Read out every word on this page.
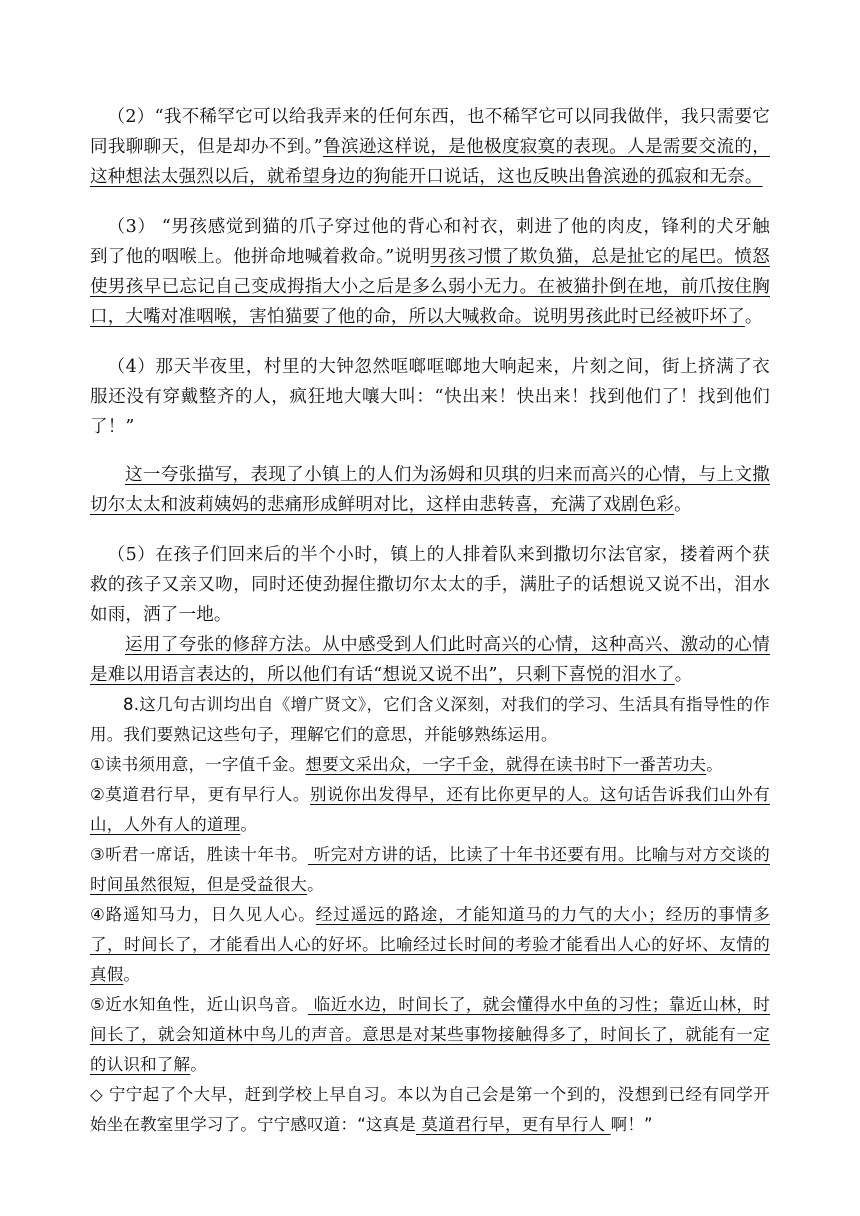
（2）“我不稀罕它可以给我弄来的任何东西，也不稀罕它可以同我做伴，我只需要它同我聊聊天，但是却办不到。”鲁滨逊这样说，是他极度寂寞的表现。人是需要交流的，这种想法太强烈以后，就希望身边的狗能开口说话，这也反映出鲁滨逊的孤寂和无奈。

（3） “男孩感觉到猫的爪子穿过他的背心和衬衣，刺进了他的肉皮，锋利的犬牙触到了他的咽喉上。他拼命地喊着救命。”说明男孩习惯了欺负猫，总是扯它的尾巴。愤怒使男孩早已忘记自己变成拇指大小之后是多么弱小无力。在被猫扑倒在地，前爪按住胸口，大嘴对准咽喉，害怕猫要了他的命，所以大喊救命。说明男孩此时已经被吓坏了。

（4）那天半夜里，村里的大钟忽然哐啷哐啷地大响起来，片刻之间，街上挤满了衣服还没有穿戴整齐的人，疯狂地大嚷大叫：“快出来！快出来！找到他们了！找到他们了！”

这一夸张描写，表现了小镇上的人们为汤姆和贝琪的归来而高兴的心情，与上文撒切尔太太和波莉姨妈的悲痛形成鲜明对比，这样由悲转喜，充满了戏剧色彩。

（5）在孩子们回来后的半个小时，镇上的人排着队来到撒切尔法官家，搂着两个获救的孩子又亲又吻，同时还使劲握住撒切尔太太的手，满肚子的话想说又说不出，泪水如雨，洒了一地。

运用了夸张的修辞方法。从中感受到人们此时高兴的心情，这种高兴、激动的心情是难以用语言表达的，所以他们有话“想说又说不出”，只剩下喜悦的泪水了。

8.这几句古训均出自《增广贤文》，它们含义深刻，对我们的学习、生活具有指导性的作用。我们要熟记这些句子，理解它们的意思，并能够熟练运用。

①读书须用意，一字值千金。想要文采出众，一字千金，就得在读书时下一番苦功夫。

②莫道君行早，更有早行人。别说你出发得早，还有比你更早的人。这句话告诉我们山外有山，人外有人的道理。

③听君一席话，胜读十年书。 听完对方讲的话，比读了十年书还要有用。比喻与对方交谈的时间虽然很短，但是受益很大。

④路遥知马力，日久见人心。经过遥远的路途，才能知道马的力气的大小；经历的事情多了，时间长了，才能看出人心的好坏。比喻经过长时间的考验才能看出人心的好坏、友情的真假。

⑤近水知鱼性，近山识鸟音。 临近水边，时间长了，就会懂得水中鱼的习性；靠近山林，时间长了，就会知道林中鸟儿的声音。意思是对某些事物接触得多了，时间长了，就能有一定的认识和了解。

◇ 宁宁起了个大早，赶到学校上早自习。本以为自己会是第一个到的，没想到已经有同学开始坐在教室里学习了。宁宁感叹道：“这真是 莫道君行早，更有早行人 啊！”
